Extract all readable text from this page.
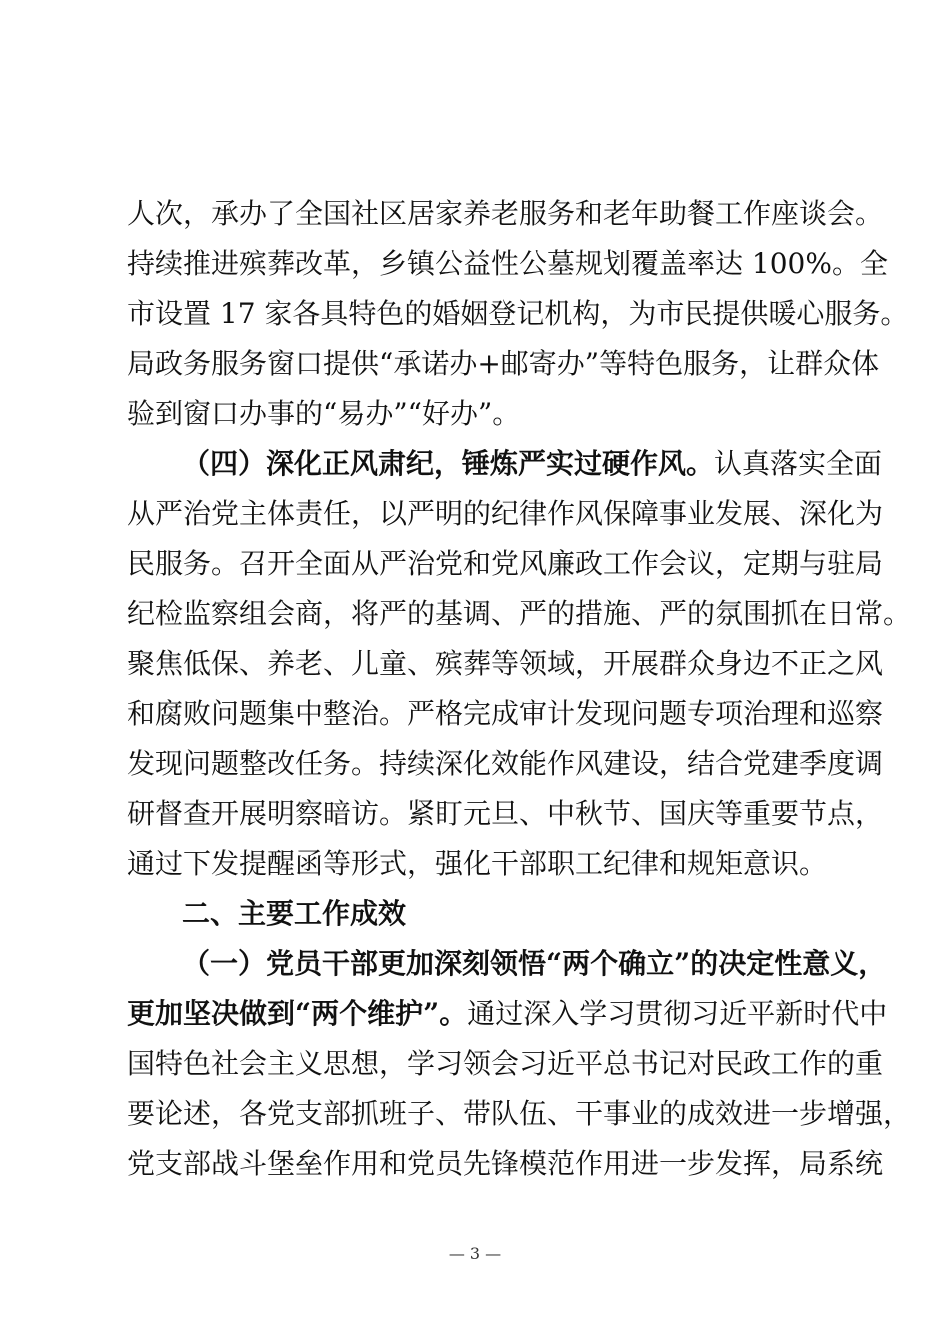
人次，承办了全国社区居家养老服务和老年助餐工作座谈会。
持续推进殡葬改革，乡镇公益性公墓规划覆盖率达 100%。全
市设置 17 家各具特色的婚姻登记机构，为市民提供暖心服务。
局政务服务窗口提供“承诺办+邮寄办”等特色服务，让群众体
验到窗口办事的“易办”“好办”。
（四）深化正风肃纪，锤炼严实过硬作风。认真落实全面
从严治党主体责任，以严明的纪律作风保障事业发展、深化为
民服务。召开全面从严治党和党风廉政工作会议，定期与驻局
纪检监察组会商，将严的基调、严的措施、严的氛围抓在日常。
聚焦低保、养老、儿童、殡葬等领域，开展群众身边不正之风
和腐败问题集中整治。严格完成审计发现问题专项治理和巡察
发现问题整改任务。持续深化效能作风建设，结合党建季度调
研督查开展明察暗访。紧盯元旦、中秋节、国庆等重要节点，
通过下发提醒函等形式，强化干部职工纪律和规矩意识。
二、主要工作成效
（一）党员干部更加深刻领悟“两个确立”的决定性意义，
更加坚决做到“两个维护”。通过深入学习贯彻习近平新时代中
国特色社会主义思想，学习领会习近平总书记对民政工作的重
要论述，各党支部抓班子、带队伍、干事业的成效进一步增强，
党支部战斗堡垒作用和党员先锋模范作用进一步发挥，局系统
— 3 —
